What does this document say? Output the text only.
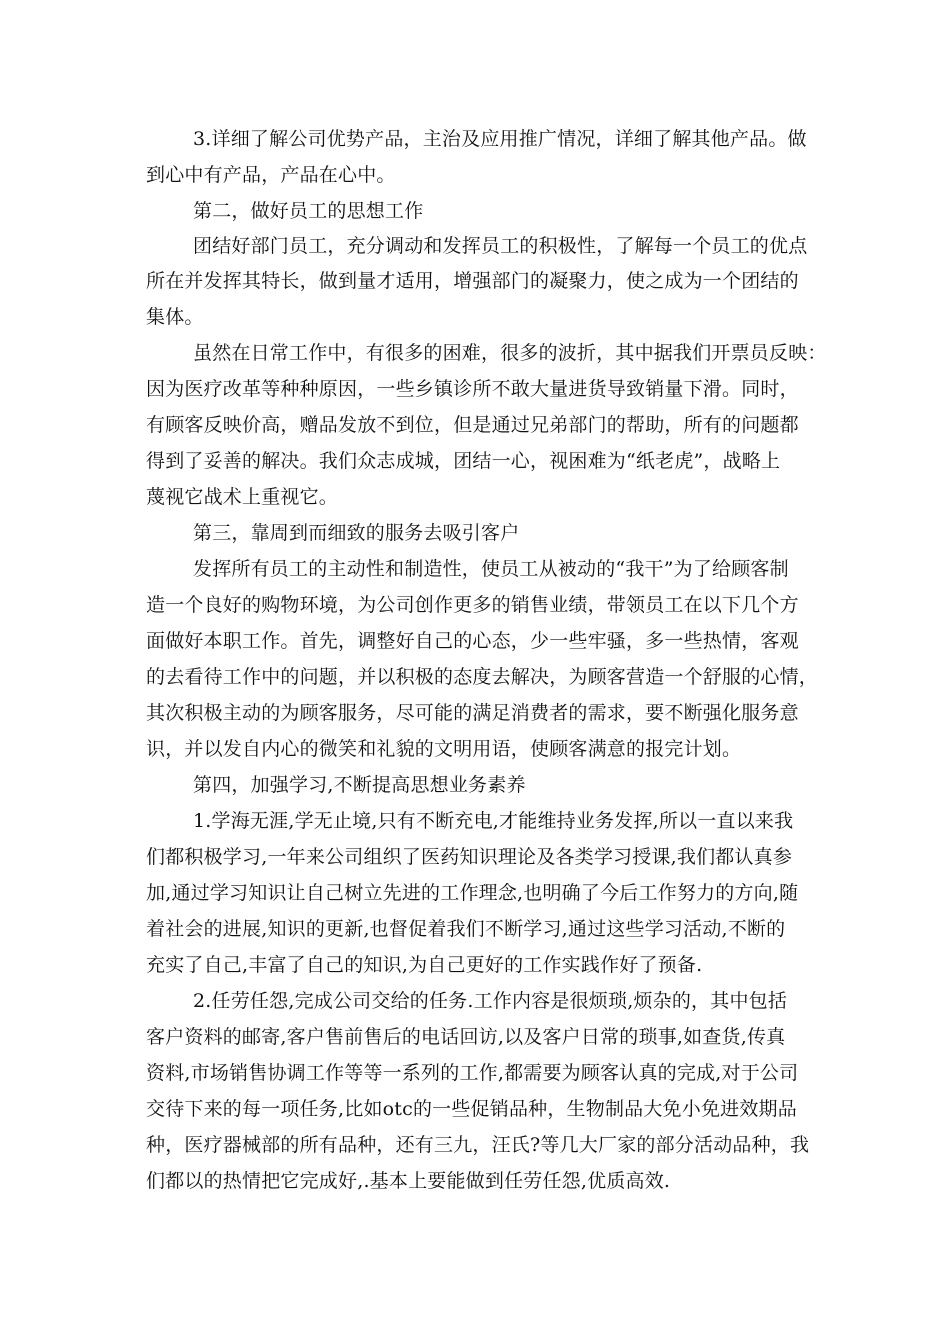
3.详细了解公司优势产品，主治及应用推广情况，详细了解其他产品。做
到心中有产品，产品在心中。
第二，做好员工的思想工作
团结好部门员工，充分调动和发挥员工的积极性，了解每一个员工的优点
所在并发挥其特长，做到量才适用，增强部门的凝聚力，使之成为一个团结的
集体。
虽然在日常工作中，有很多的困难，很多的波折，其中据我们开票员反映：
因为医疗改革等种种原因，一些乡镇诊所不敢大量进货导致销量下滑。同时，
有顾客反映价高，赠品发放不到位，但是通过兄弟部门的帮助，所有的问题都
得到了妥善的解决。我们众志成城，团结一心，视困难为“纸老虎”，战略上
蔑视它战术上重视它。
第三，靠周到而细致的服务去吸引客户
发挥所有员工的主动性和制造性，使员工从被动的“我干”为了给顾客制
造一个良好的购物环境，为公司创作更多的销售业绩，带领员工在以下几个方
面做好本职工作。首先，调整好自己的心态，少一些牢骚，多一些热情，客观
的去看待工作中的问题，并以积极的态度去解决，为顾客营造一个舒服的心情，
其次积极主动的为顾客服务，尽可能的满足消费者的需求，要不断强化服务意
识，并以发自内心的微笑和礼貌的文明用语，使顾客满意的报完计划。
第四，加强学习,不断提高思想业务素养
1.学海无涯,学无止境,只有不断充电,才能维持业务发挥,所以一直以来我
们都积极学习,一年来公司组织了医药知识理论及各类学习授课,我们都认真参
加,通过学习知识让自己树立先进的工作理念,也明确了今后工作努力的方向,随
着社会的进展,知识的更新,也督促着我们不断学习,通过这些学习活动,不断的
充实了自己,丰富了自己的知识,为自己更好的工作实践作好了预备.
2.任劳任怨,完成公司交给的任务.工作内容是很烦琐,烦杂的，其中包括
客户资料的邮寄,客户售前售后的电话回访,以及客户日常的琐事,如查货,传真
资料,市场销售协调工作等等一系列的工作,都需要为顾客认真的完成,对于公司
交待下来的每一项任务,比如otc的一些促销品种，生物制品大免小免进效期品
种，医疗器械部的所有品种，还有三九，汪氏?等几大厂家的部分活动品种，我
们都以的热情把它完成好,.基本上要能做到任劳任怨,优质高效.
